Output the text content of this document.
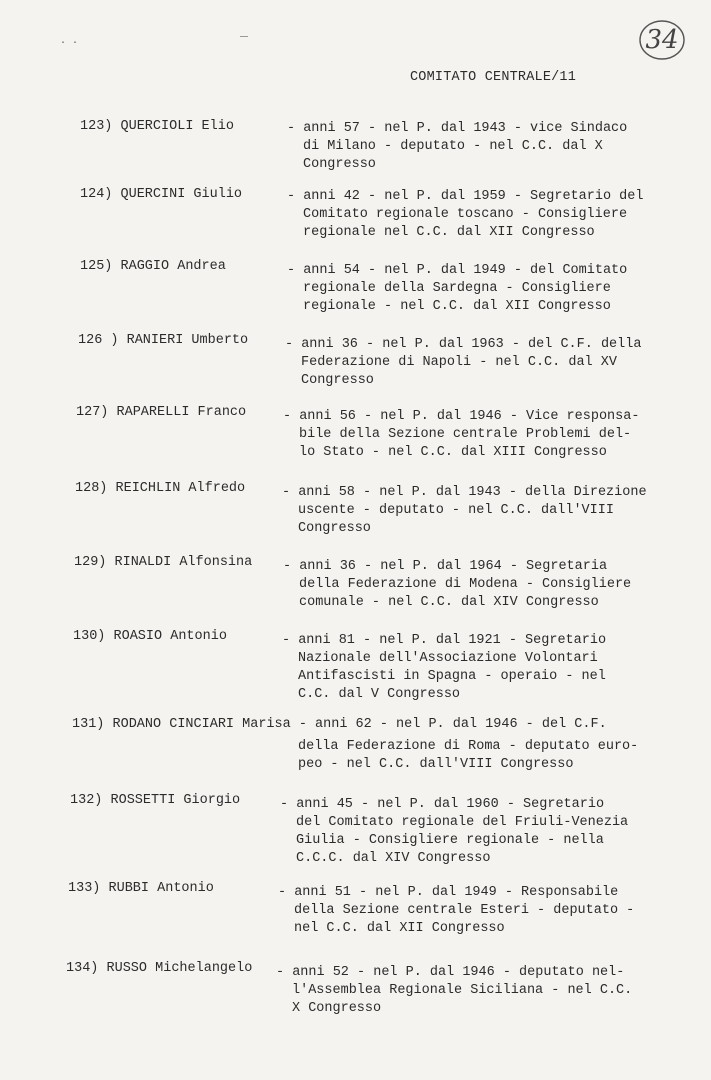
· ·	34
COMITATO CENTRALE/11
123) QUERCIOLI Elio	- anni 57 - nel P. dal 1943 - vice Sindaco
di Milano - deputato - nel C.C. dal X
Congresso
124) QUERCINI Giulio	- anni 42 - nel P. dal 1959 - Segretario del
Comitato regionale toscano - Consigliere
regionale nel C.C. dal XII Congresso
125) RAGGIO Andrea	- anni 54 - nel P. dal 1949 - del Comitato
regionale della Sardegna - Consigliere
regionale - nel C.C. dal XII Congresso
126 ) RANIERI Umberto	- anni 36 - nel P. dal 1963 - del C.F. della
Federazione di Napoli - nel C.C. dal XV
Congresso
127) RAPARELLI Franco	- anni 56 - nel P. dal 1946 - Vice responsa-
bile della Sezione centrale Problemi del-
lo Stato - nel C.C. dal XIII Congresso
128) REICHLIN Alfredo	- anni 58 - nel P. dal 1943 - della Direzione
uscente - deputato - nel C.C. dall'VIII
Congresso
129) RINALDI Alfonsina - anni 36 - nel P. dal 1964 - Segretaria
della Federazione di Modena - Consigliere
comunale - nel C.C. dal XIV Congresso
130) ROASIO Antonio	- anni 81 - nel P. dal 1921 - Segretario
Nazionale dell'Associazione Volontari
Antifascisti in Spagna - operaio - nel
C.C. dal V Congresso
131) RODANO CINCIARI Marisa - anni 62 - nel P. dal 1946 - del C.F.
della Federazione di Roma - deputato euro-
peo - nel C.C. dall'VIII Congresso
132) ROSSETTI Giorgio	- anni 45 - nel P. dal 1960 - Segretario
del Comitato regionale del Friuli-Venezia
Giulia - Consigliere regionale - nella
C.C.C. dal XIV Congresso
133) RUBBI Antonio	- anni 51 - nel P. dal 1949 - Responsabile
della Sezione centrale Esteri - deputato -
nel C.C. dal XII Congresso
134) RUSSO Michelangelo - anni 52 - nel P. dal 1946 - deputato nel-
l'Assemblea Regionale Siciliana - nel C.C.
X Congresso
